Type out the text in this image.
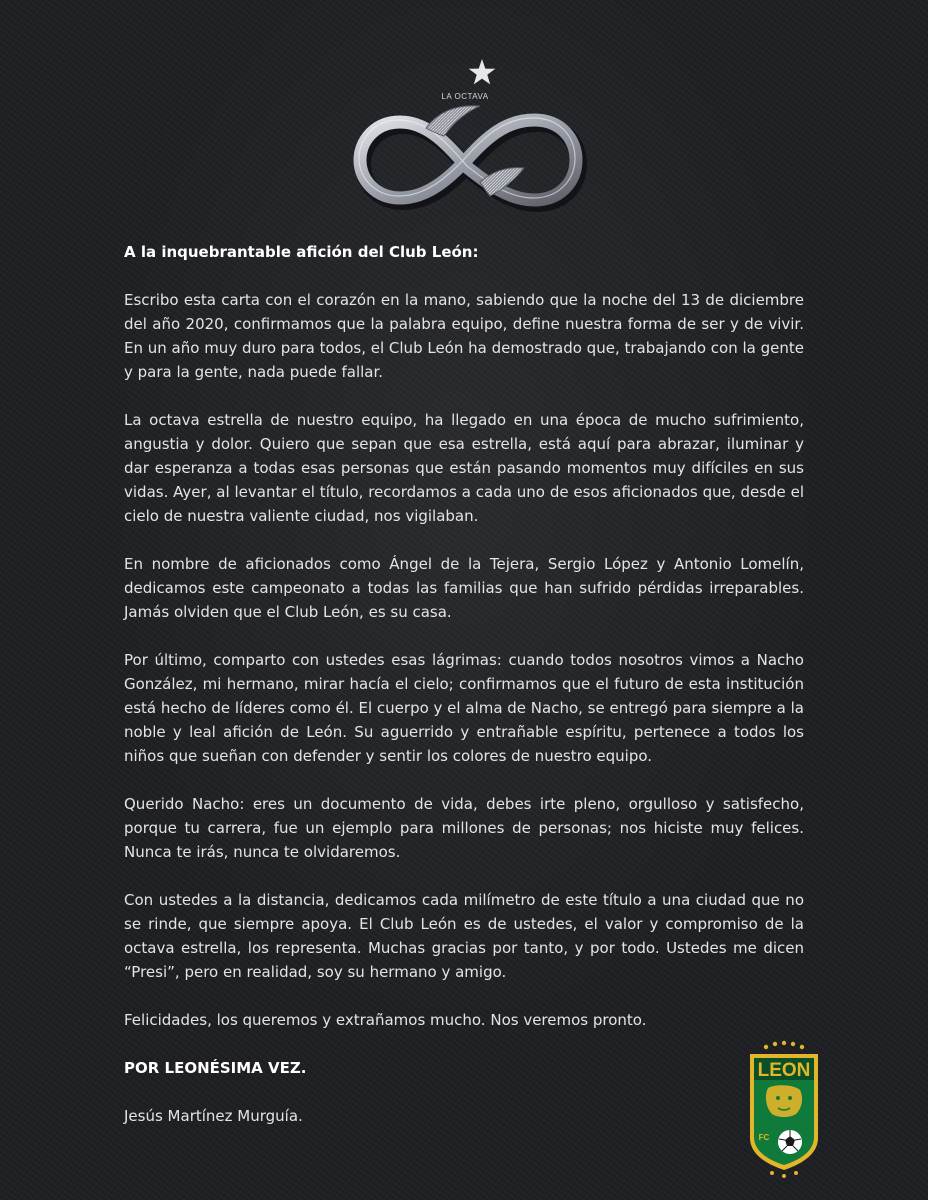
LA OCTAVA

A la inquebrantable afición del Club León:

Escribo esta carta con el corazón en la mano, sabiendo que la noche del 13 de diciembre del año 2020, confirmamos que la palabra equipo, define nuestra forma de ser y de vivir. En un año muy duro para todos, el Club León ha demostrado que, trabajando con la gente y para la gente, nada puede fallar.

La octava estrella de nuestro equipo, ha llegado en una época de mucho sufrimiento, angustia y dolor. Quiero que sepan que esa estrella, está aquí para abrazar, iluminar y dar esperanza a todas esas personas que están pasando momentos muy difíciles en sus vidas. Ayer, al levantar el título, recordamos a cada uno de esos aficionados que, desde el cielo de nuestra valiente ciudad, nos vigilaban.

En nombre de aficionados como Ángel de la Tejera, Sergio López y Antonio Lomelín, dedicamos este campeonato a todas las familias que han sufrido pérdidas irreparables. Jamás olviden que el Club León, es su casa.

Por último, comparto con ustedes esas lágrimas: cuando todos nosotros vimos a Nacho González, mi hermano, mirar hacía el cielo; confirmamos que el futuro de esta institución está hecho de líderes como él. El cuerpo y el alma de Nacho, se entregó para siempre a la noble y leal afición de León. Su aguerrido y entrañable espíritu, pertenece a todos los niños que sueñan con defender y sentir los colores de nuestro equipo.

Querido Nacho: eres un documento de vida, debes irte pleno, orgulloso y satisfecho, porque tu carrera, fue un ejemplo para millones de personas; nos hiciste muy felices. Nunca te irás, nunca te olvidaremos.

Con ustedes a la distancia, dedicamos cada milímetro de este título a una ciudad que no se rinde, que siempre apoya. El Club León es de ustedes, el valor y compromiso de la octava estrella, los representa. Muchas gracias por tanto, y por todo. Ustedes me dicen “Presi”, pero en realidad, soy su hermano y amigo.

Felicidades, los queremos y extrañamos mucho. Nos veremos pronto.

POR LEONÉSIMA VEZ.

Jesús Martínez Murguía.

LEON
FC
